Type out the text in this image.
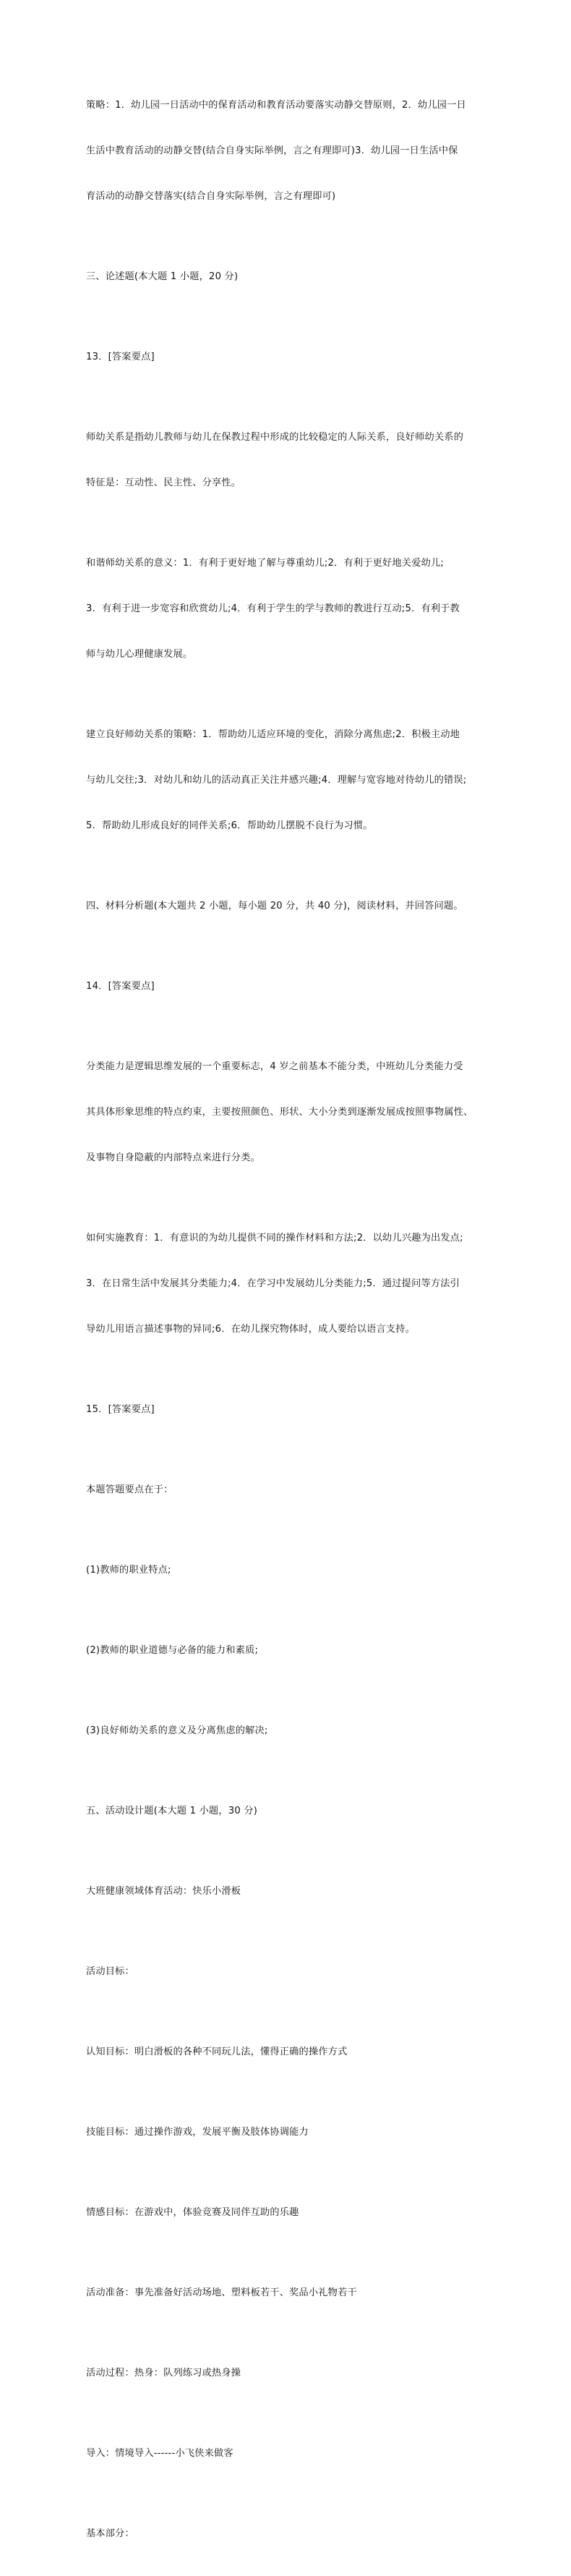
策略：1．幼儿园一日活动中的保育活动和教育活动要落实动静交替原则，2．幼儿园一日

生活中教育活动的动静交替(结合自身实际举例，言之有理即可)3．幼儿园一日生活中保

育活动的动静交替落实(结合自身实际举例，言之有理即可)

三、论述题(本大题 1 小题，20 分)

13．[答案要点]

师幼关系是指幼儿教师与幼儿在保教过程中形成的比较稳定的人际关系，良好师幼关系的

特征是：互动性、民主性、分享性。

和谐师幼关系的意义：1．有利于更好地了解与尊重幼儿;2．有利于更好地关爱幼儿;

3．有利于进一步宽容和欣赏幼儿;4．有利于学生的学与教师的教进行互动;5．有利于教

师与幼儿心理健康发展。

建立良好师幼关系的策略：1．帮助幼儿适应环境的变化，消除分离焦虑;2．积极主动地

与幼儿交往;3．对幼儿和幼儿的活动真正关注并感兴趣;4．理解与宽容地对待幼儿的错误;

5．帮助幼儿形成良好的同伴关系;6．帮助幼儿摆脱不良行为习惯。

四、材料分析题(本大题共 2 小题，每小题 20 分，共 40 分)，阅读材料，并回答问题。

14．[答案要点]

分类能力是逻辑思维发展的一个重要标志，4 岁之前基本不能分类，中班幼儿分类能力受

其具体形象思维的特点约束，主要按照颜色、形状、大小分类到逐渐发展成按照事物属性、

及事物自身隐蔽的内部特点来进行分类。

如何实施教育：1．有意识的为幼儿提供不同的操作材料和方法;2．以幼儿兴趣为出发点;

3．在日常生活中发展其分类能力;4．在学习中发展幼儿分类能力;5．通过提问等方法引

导幼儿用语言描述事物的异同;6．在幼儿探究物体时，成人要给以语言支持。

15．[答案要点]

本题答题要点在于：

(1)教师的职业特点;

(2)教师的职业道德与必备的能力和素质;

(3)良好师幼关系的意义及分离焦虑的解决;

五、活动设计题(本大题 1 小题，30 分)

大班健康领域体育活动：快乐小滑板

活动目标：

认知目标：明白滑板的各种不同玩儿法，懂得正确的操作方式

技能目标：通过操作游戏，发展平衡及肢体协调能力

情感目标：在游戏中，体验竞赛及同伴互助的乐趣

活动准备：事先准备好活动场地、塑料板若干、奖品小礼物若干

活动过程：热身：队列练习或热身操

导入：情境导入------小飞侠来做客

基本部分：
